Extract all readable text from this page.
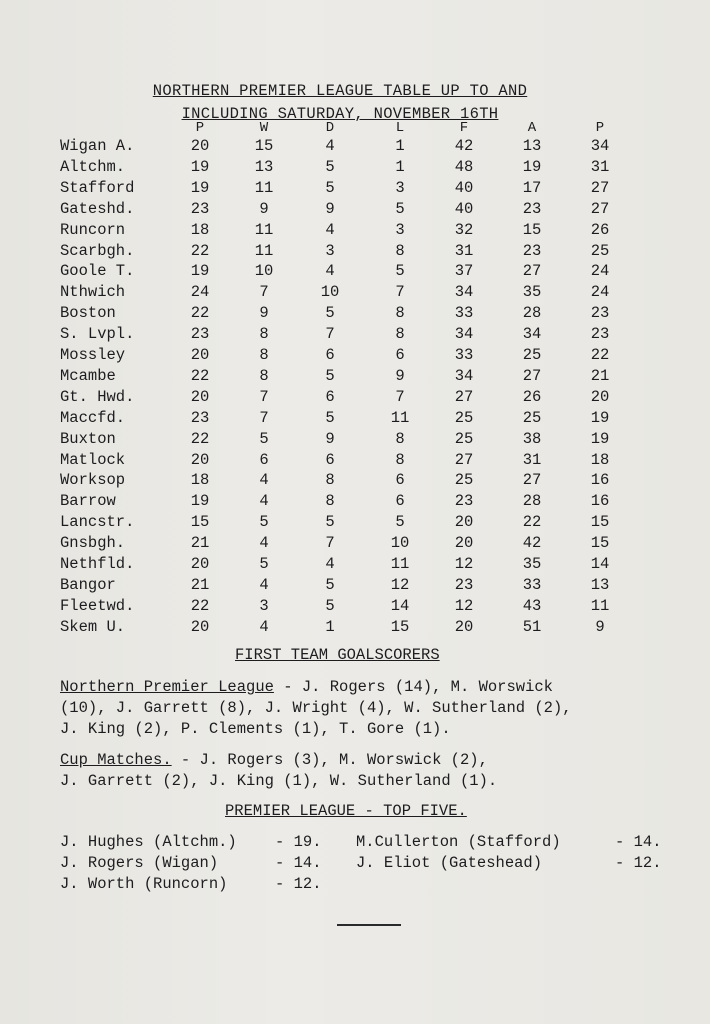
NORTHERN PREMIER LEAGUE TABLE UP TO AND
INCLUDING SATURDAY, NOVEMBER 16TH
P	W	D	L	F	A	P
Wigan A.	20	15	4	1	42	13	34
Altchm.	19	13	5	1	48	19	31
Stafford	19	11	5	3	40	17	27
Gateshd.	23	9	9	5	40	23	27
Runcorn	18	11	4	3	32	15	26
Scarbgh.	22	11	3	8	31	23	25
Goole T.	19	10	4	5	37	27	24
Nthwich	24	7	10	7	34	35	24
Boston	22	9	5	8	33	28	23
S. Lvpl.	23	8	7	8	34	34	23
Mossley	20	8	6	6	33	25	22
Mcambe	22	8	5	9	34	27	21
Gt. Hwd.	20	7	6	7	27	26	20
Maccfd.	23	7	5	11	25	25	19
Buxton	22	5	9	8	25	38	19
Matlock	20	6	6	8	27	31	18
Worksop	18	4	8	6	25	27	16
Barrow	19	4	8	6	23	28	16
Lancstr.	15	5	5	5	20	22	15
Gnsbgh.	21	4	7	10	20	42	15
Nethfld.	20	5	4	11	12	35	14
Bangor	21	4	5	12	23	33	13
Fleetwd.	22	3	5	14	12	43	11
Skem U.	20	4	1	15	20	51	9
FIRST TEAM GOALSCORERS
Northern Premier League - J. Rogers (14), M. Worswick
(10), J. Garrett (8), J. Wright (4), W. Sutherland (2),
J. King (2), P. Clements (1), T. Gore (1).
Cup Matches. - J. Rogers (3), M. Worswick (2),
J. Garrett (2), J. King (1), W. Sutherland (1).
PREMIER LEAGUE - TOP FIVE.
J. Hughes (Altchm.) - 19. M.Cullerton (Stafford)	- 14.
J. Rogers (Wigan)	- 14. J. Eliot (Gateshead)	- 12.
J. Worth (Runcorn)	- 12.
